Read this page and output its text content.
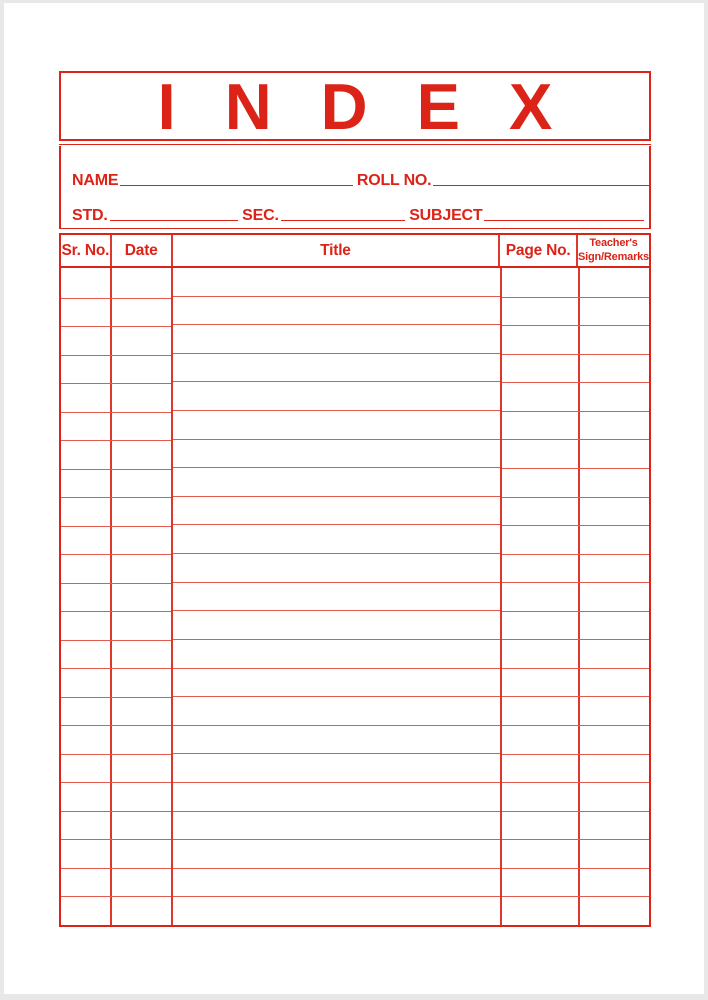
INDEX
NAME	ROLL NO.
STD.	SEC.	SUBJECT
Sr. No.	Date	Title	Page No.	Teacher's
Sign/Remarks
